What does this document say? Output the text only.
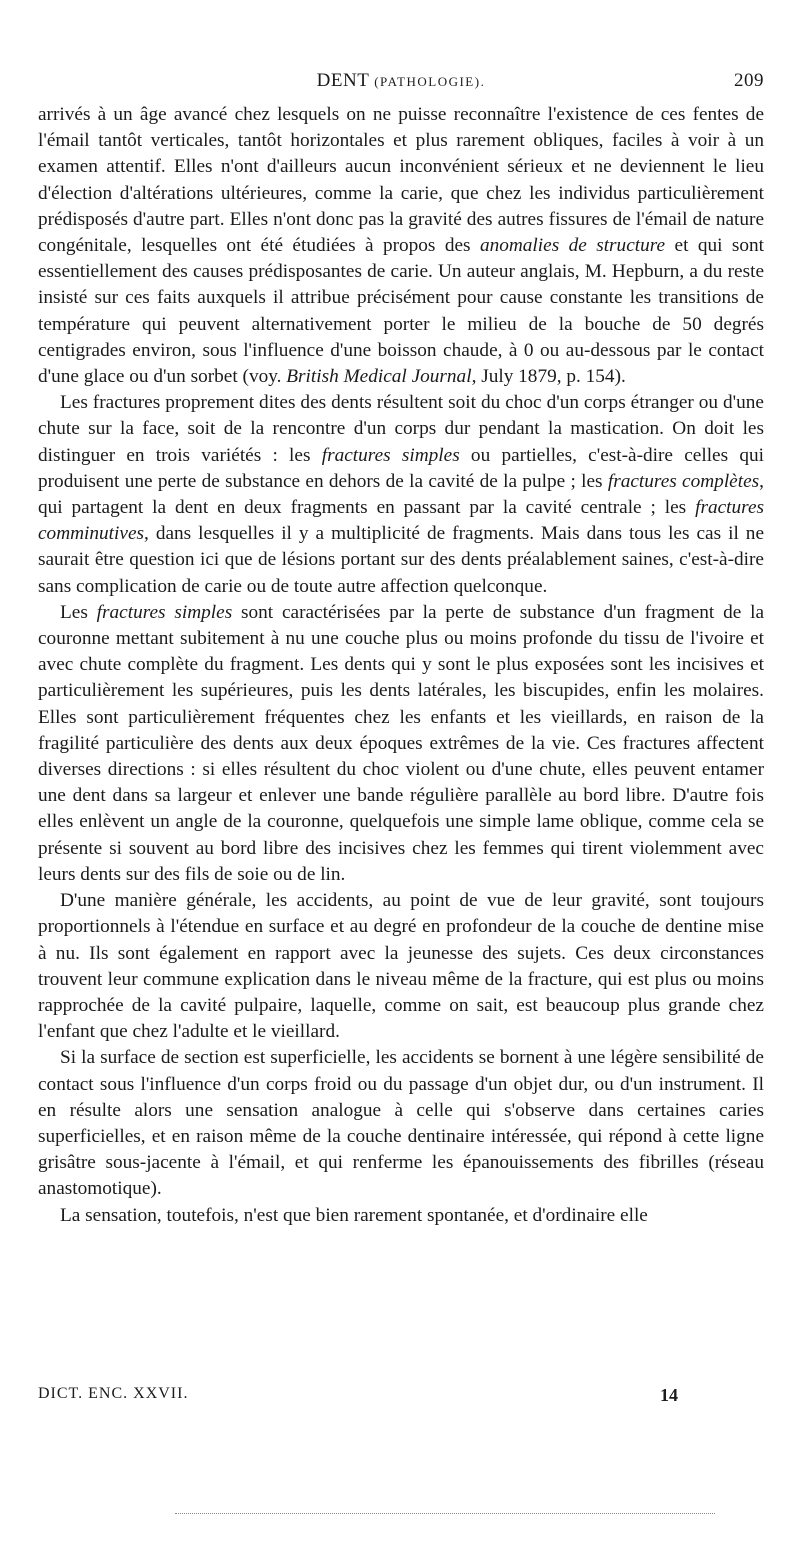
DENT (PATHOLOGIE).	209

arrivés à un âge avancé chez lesquels on ne puisse reconnaître l'existence de ces fentes de l'émail tantôt verticales, tantôt horizontales et plus rarement obliques, faciles à voir à un examen attentif. Elles n'ont d'ailleurs aucun inconvénient sérieux et ne deviennent le lieu d'élection d'altérations ultérieures, comme la carie, que chez les individus particulièrement prédisposés d'autre part. Elles n'ont donc pas la gravité des autres fissures de l'émail de nature congénitale, lesquelles ont été étudiées à propos des anomalies de structure et qui sont essentiellement des causes prédisposantes de carie. Un auteur anglais, M. Hepburn, a du reste insisté sur ces faits auxquels il attribue précisément pour cause constante les transitions de température qui peuvent alternativement porter le milieu de la bouche de 50 degrés centigrades environ, sous l'influence d'une boisson chaude, à 0 ou au-dessous par le contact d'une glace ou d'un sorbet (voy. British Medical Journal, July 1879, p. 154).

Les fractures proprement dites des dents résultent soit du choc d'un corps étranger ou d'une chute sur la face, soit de la rencontre d'un corps dur pendant la mastication. On doit les distinguer en trois variétés : les fractures simples ou partielles, c'est-à-dire celles qui produisent une perte de substance en dehors de la cavité de la pulpe ; les fractures complètes, qui partagent la dent en deux fragments en passant par la cavité centrale ; les fractures comminutives, dans lesquelles il y a multiplicité de fragments. Mais dans tous les cas il ne saurait être question ici que de lésions portant sur des dents préalablement saines, c'est-à-dire sans complication de carie ou de toute autre affection quelconque.

Les fractures simples sont caractérisées par la perte de substance d'un fragment de la couronne mettant subitement à nu une couche plus ou moins profonde du tissu de l'ivoire et avec chute complète du fragment. Les dents qui y sont le plus exposées sont les incisives et particulièrement les supérieures, puis les dents latérales, les biscupides, enfin les molaires. Elles sont particulièrement fréquentes chez les enfants et les vieillards, en raison de la fragilité particulière des dents aux deux époques extrêmes de la vie. Ces fractures affectent diverses directions : si elles résultent du choc violent ou d'une chute, elles peuvent entamer une dent dans sa largeur et enlever une bande régulière parallèle au bord libre. D'autre fois elles enlèvent un angle de la couronne, quelquefois une simple lame oblique, comme cela se présente si souvent au bord libre des incisives chez les femmes qui tirent violemment avec leurs dents sur des fils de soie ou de lin.

D'une manière générale, les accidents, au point de vue de leur gravité, sont toujours proportionnels à l'étendue en surface et au degré en profondeur de la couche de dentine mise à nu. Ils sont également en rapport avec la jeunesse des sujets. Ces deux circonstances trouvent leur commune explication dans le niveau même de la fracture, qui est plus ou moins rapprochée de la cavité pulpaire, laquelle, comme on sait, est beaucoup plus grande chez l'enfant que chez l'adulte et le vieillard.

Si la surface de section est superficielle, les accidents se bornent à une légère sensibilité de contact sous l'influence d'un corps froid ou du passage d'un objet dur, ou d'un instrument. Il en résulte alors une sensation analogue à celle qui s'observe dans certaines caries superficielles, et en raison même de la couche dentinaire intéressée, qui répond à cette ligne grisâtre sous-jacente à l'émail, et qui renferme les épanouissements des fibrilles (réseau anastomotique).

La sensation, toutefois, n'est que bien rarement spontanée, et d'ordinaire elle

DICT. ENC. XXVII.	14
